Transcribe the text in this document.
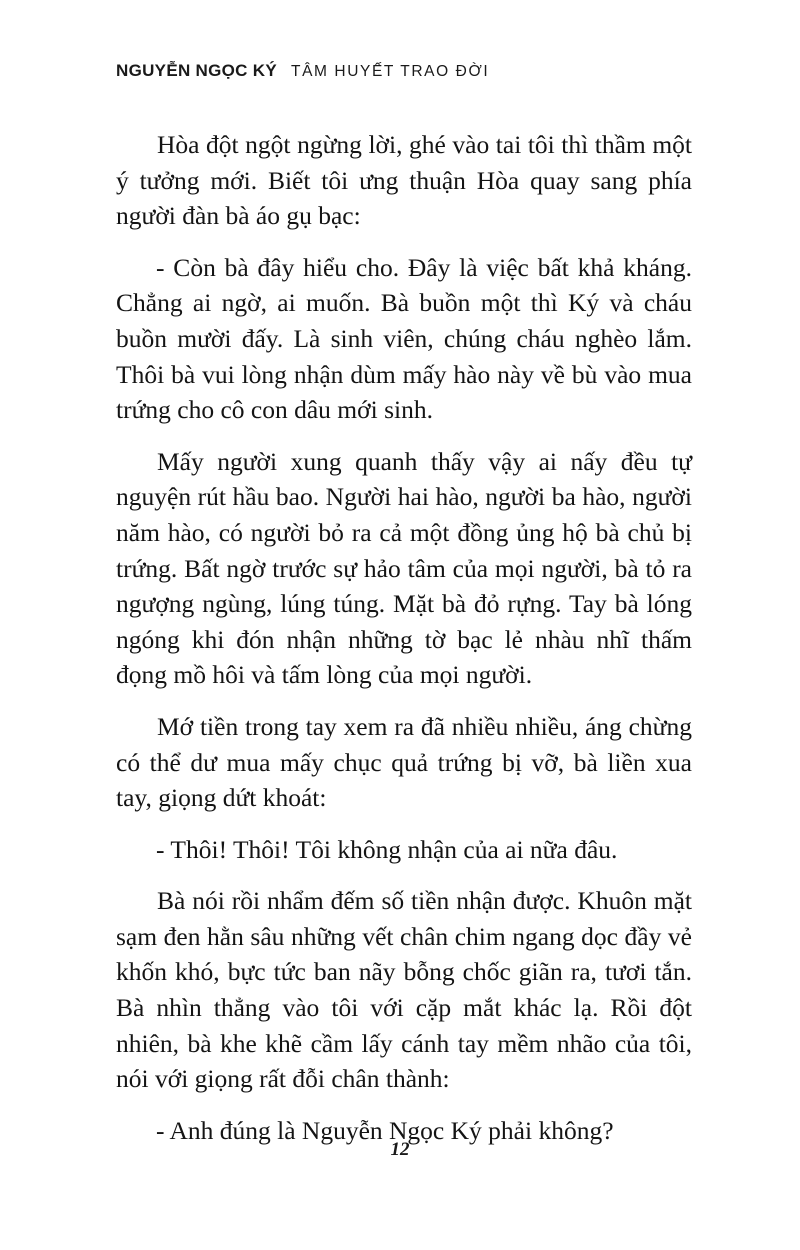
NGUYỄN NGỌC KÝ TÂM HUYẾT TRAO ĐỜI

Hòa đột ngột ngừng lời, ghé vào tai tôi thì thầm một ý tưởng mới. Biết tôi ưng thuận Hòa quay sang phía người đàn bà áo gụ bạc:

- Còn bà đây hiểu cho. Đây là việc bất khả kháng. Chẳng ai ngờ, ai muốn. Bà buồn một thì Ký và cháu buồn mười đấy. Là sinh viên, chúng cháu nghèo lắm. Thôi bà vui lòng nhận dùm mấy hào này về bù vào mua trứng cho cô con dâu mới sinh.

Mấy người xung quanh thấy vậy ai nấy đều tự nguyện rút hầu bao. Người hai hào, người ba hào, người năm hào, có người bỏ ra cả một đồng ủng hộ bà chủ bị trứng. Bất ngờ trước sự hảo tâm của mọi người, bà tỏ ra ngượng ngùng, lúng túng. Mặt bà đỏ rựng. Tay bà lóng ngóng khi đón nhận những tờ bạc lẻ nhàu nhĩ thấm đọng mồ hôi và tấm lòng của mọi người.

Mớ tiền trong tay xem ra đã nhiều nhiều, áng chừng có thể dư mua mấy chục quả trứng bị vỡ, bà liền xua tay, giọng dứt khoát:

- Thôi! Thôi! Tôi không nhận của ai nữa đâu.

Bà nói rồi nhẩm đếm số tiền nhận được. Khuôn mặt sạm đen hằn sâu những vết chân chim ngang dọc đầy vẻ khốn khó, bực tức ban nãy bỗng chốc giãn ra, tươi tắn. Bà nhìn thẳng vào tôi với cặp mắt khác lạ. Rồi đột nhiên, bà khe khẽ cầm lấy cánh tay mềm nhão của tôi, nói với giọng rất đỗi chân thành:

- Anh đúng là Nguyễn Ngọc Ký phải không?

12
